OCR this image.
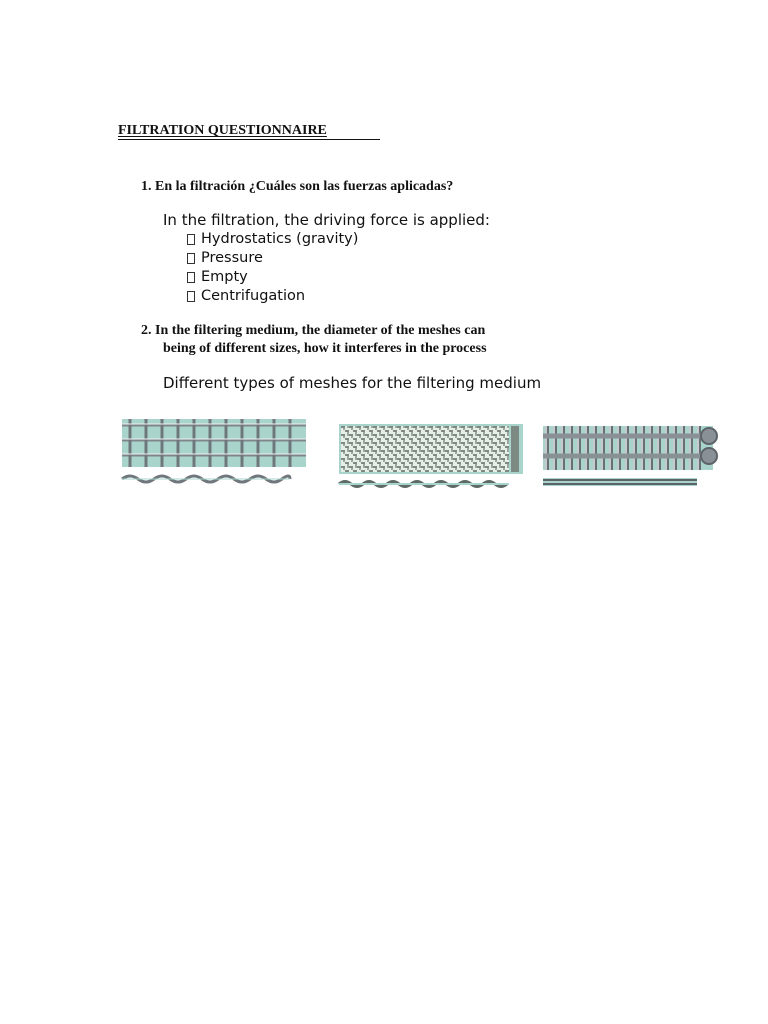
FILTRATION QUESTIONNAIRE
1. En la filtración ¿Cuáles son las fuerzas aplicadas?
In the filtration, the driving force is applied:
Hydrostatics (gravity)
Pressure
Empty
Centrifugation
2. In the filtering medium, the diameter of the meshes can
being of different sizes, how it interferes in the process
Different types of meshes for the filtering medium
